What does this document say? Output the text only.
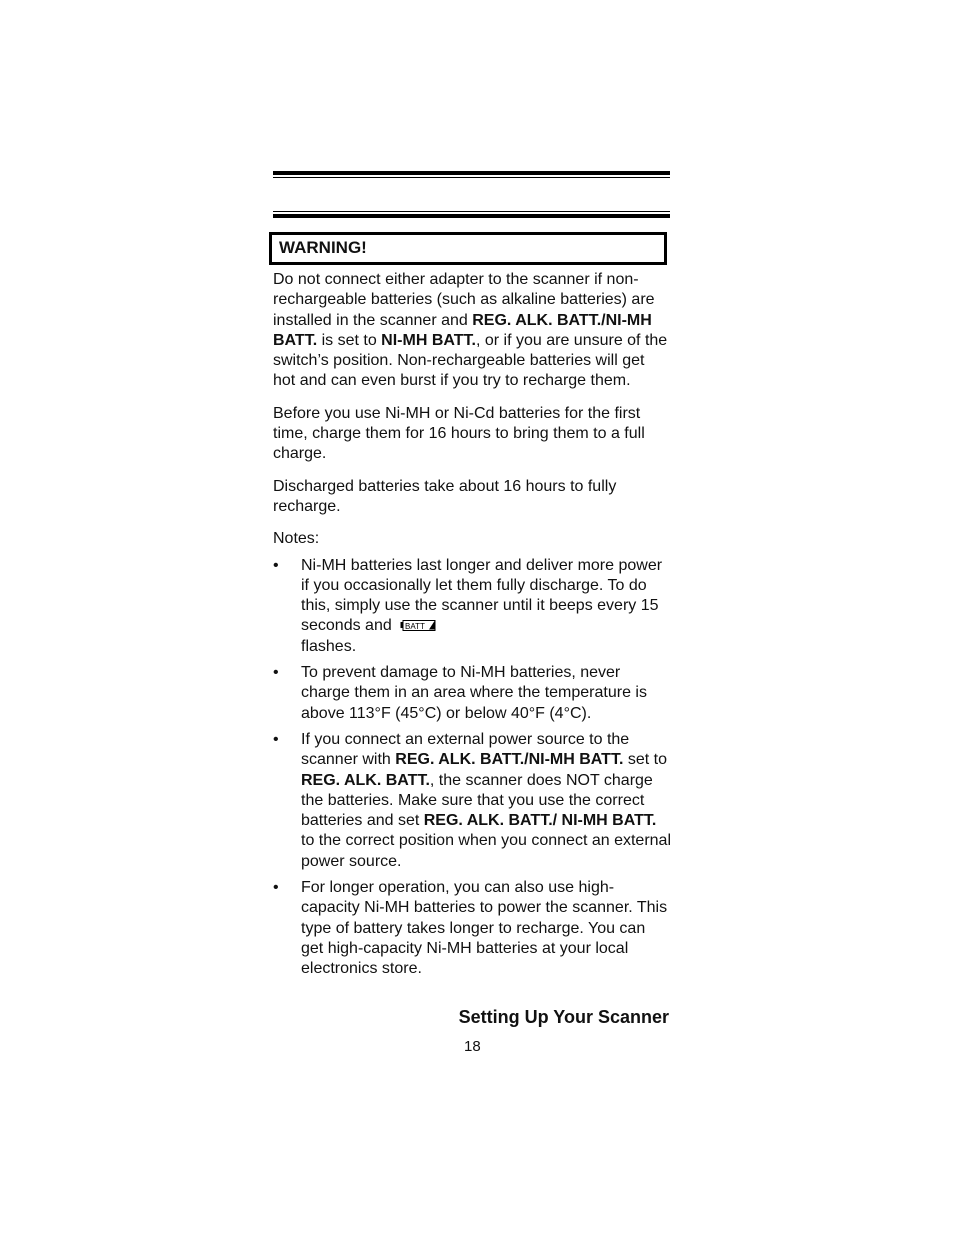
WARNING!

Do not connect either adapter to the scanner if non-rechargeable batteries (such as alkaline batteries) are installed in the scanner and REG. ALK. BATT./NI-MH BATT. is set to NI-MH BATT., or if you are unsure of the switch’s position. Non-rechargeable batteries will get hot and can even burst if you try to recharge them.

Before you use Ni-MH or Ni-Cd batteries for the first time, charge them for 16 hours to bring them to a full charge.

Discharged batteries take about 16 hours to fully recharge.

Notes:

• Ni-MH batteries last longer and deliver more power if you occasionally let them fully discharge. To do this, simply use the scanner until it beeps every 15 seconds and BATT

flashes.
• To prevent damage to Ni-MH batteries, never charge them in an area where the temperature is above 113°F (45°C) or below 40°F (4°C).
• If you connect an external power source to the scanner with REG. ALK. BATT./NI-MH BATT. set to REG. ALK. BATT., the scanner does NOT charge the batteries. Make sure that you use the correct batteries and set REG. ALK. BATT./ NI-MH BATT. to the correct position when you connect an external power source.
• For longer operation, you can also use high-capacity Ni-MH batteries to power the scanner. This type of battery takes longer to recharge. You can get high-capacity Ni-MH batteries at your local electronics store.
Setting Up Your Scanner
18
